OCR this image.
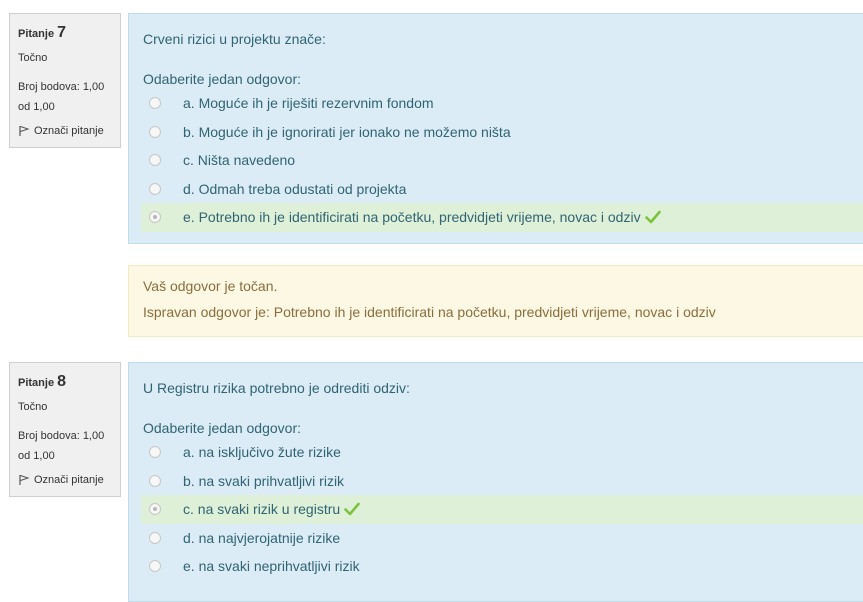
Pitanje 7
Točno
Broj bodova: 1,00
od 1,00
Označi pitanje
Crveni rizici u projektu znače:
Odaberite jedan odgovor:
a. Moguće ih je riješiti rezervnim fondom
b. Moguće ih je ignorirati jer ionako ne možemo ništa
c. Ništa navedeno
d. Odmah treba odustati od projekta
e. Potrebno ih je identificirati na početku, predvidjeti vrijeme, novac i odziv
Vaš odgovor je točan.
Ispravan odgovor je: Potrebno ih je identificirati na početku, predvidjeti vrijeme, novac i odziv
Pitanje 8
Točno
Broj bodova: 1,00
od 1,00
Označi pitanje
U Registru rizika potrebno je odrediti odziv:
Odaberite jedan odgovor:
a. na isključivo žute rizike
b. na svaki prihvatljivi rizik
c. na svaki rizik u registru
d. na najvjerojatnije rizike
e. na svaki neprihvatljivi rizik
